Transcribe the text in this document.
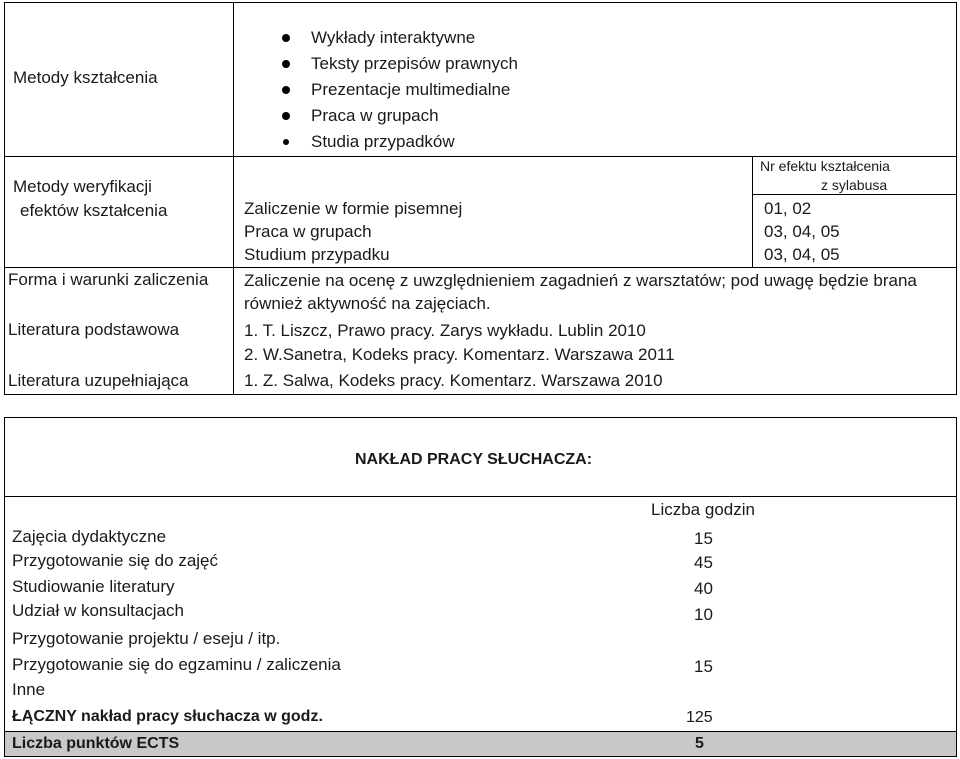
Metody kształcenia
Wykłady interaktywne
Teksty przepisów prawnych
Prezentacje multimedialne
Praca w grupach
Studia przypadków
Metody weryfikacji
efektów kształcenia
Nr efektu kształcenia
z sylabusa
Zaliczenie w formie pisemnej	01, 02
Praca w grupach	03, 04, 05
Studium przypadku	03, 04, 05
Forma i warunki zaliczenia Zaliczenie na ocenę z uwzględnieniem zagadnień z warsztatów; pod uwagę będzie brana
również aktywność na zajęciach.
Literatura podstawowa	1. T. Liszcz, Prawo pracy. Zarys wykładu. Lublin 2010
2. W.Sanetra, Kodeks pracy. Komentarz. Warszawa 2011
Literatura uzupełniająca	1. Z. Salwa, Kodeks pracy. Komentarz. Warszawa 2010
NAKŁAD PRACY SŁUCHACZA:
Liczba godzin
Zajęcia dydaktyczne	15
Przygotowanie się do zajęć	45
Studiowanie literatury	40
Udział w konsultacjach	10
Przygotowanie projektu / eseju / itp.
Przygotowanie się do egzaminu / zaliczenia	15
Inne
ŁĄCZNY nakład pracy słuchacza w godz.	125
Liczba punktów ECTS	5
